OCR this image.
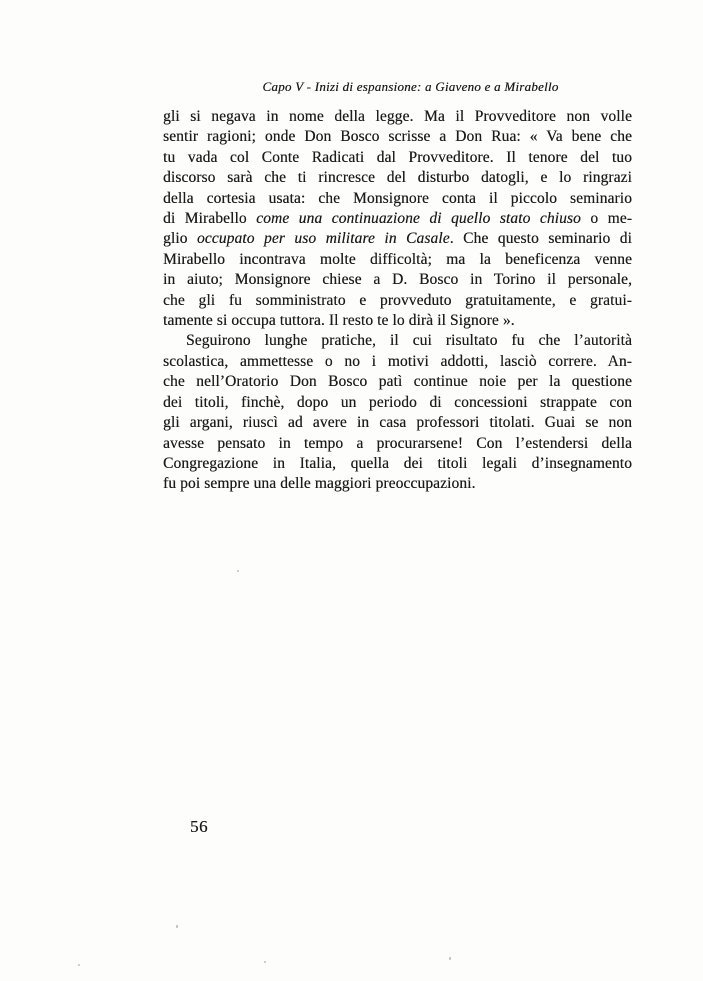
Capo V - Inizi di espansione: a Giaveno e a Mirabello
gli si negava in nome della legge. Ma il Provveditore non volle
sentir ragioni; onde Don Bosco scrisse a Don Rua: « Va bene che
tu vada col Conte Radicati dal Provveditore. Il tenore del tuo
discorso sarà che ti rincresce del disturbo datogli, e lo ringrazi
della cortesia usata: che Monsignore conta il piccolo seminario
di Mirabello come una continuazione di quello stato chiuso o me-
glio occupato per uso militare in Casale. Che questo seminario di
Mirabello incontrava molte difficoltà; ma la beneficenza venne
in aiuto; Monsignore chiese a D. Bosco in Torino il personale,
che gli fu somministrato e provveduto gratuitamente, e gratui-
tamente si occupa tuttora. Il resto te lo dirà il Signore ».
Seguirono lunghe pratiche, il cui risultato fu che l’autorità
scolastica, ammettesse o no i motivi addotti, lasciò correre. An-
che nell’Oratorio Don Bosco patì continue noie per la questione
dei titoli, finchè, dopo un periodo di concessioni strappate con
gli argani, riuscì ad avere in casa professori titolati. Guai se non
avesse pensato in tempo a procurarsene! Con l’estendersi della
Congregazione in Italia, quella dei titoli legali d’insegnamento
fu poi sempre una delle maggiori preoccupazioni.
56
